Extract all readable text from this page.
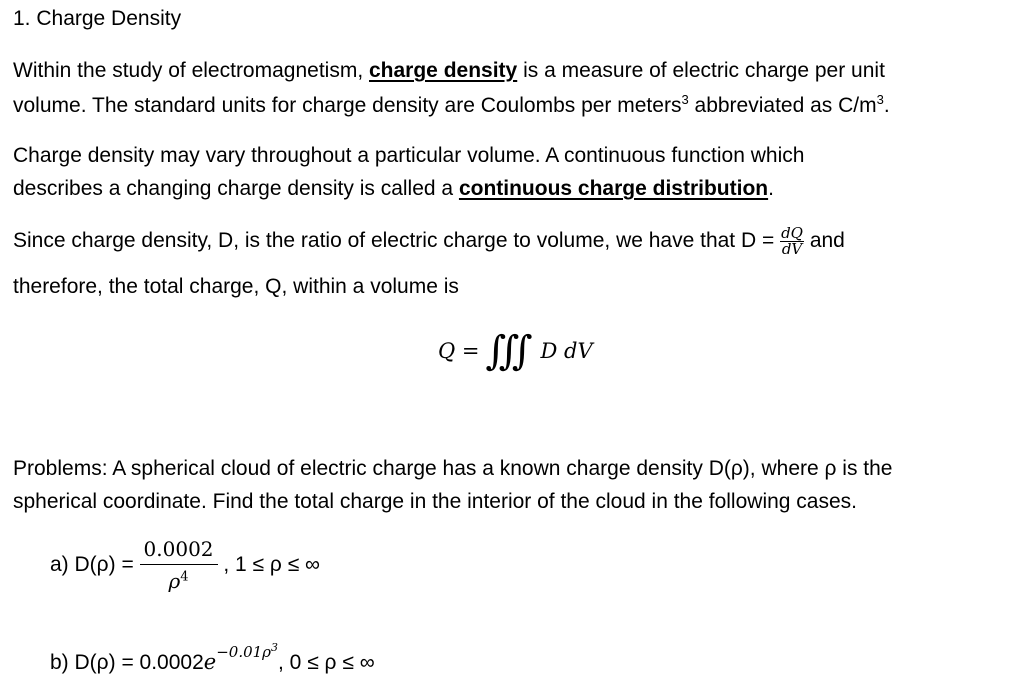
1. Charge Density
Within the study of electromagnetism, charge density is a measure of electric charge per unit
volume. The standard units for charge density are Coulombs per meters$^3$ abbreviated as $C/m^3$.
Charge density may vary throughout a particular volume. A continuous function which
describes a changing charge density is called a continuous charge distribution.
Since charge density, D, is the ratio of electric charge to volume, we have that $D = \frac{dQ}{dV}$ and
therefore, the total charge, Q, within a volume is
Q = ∭ D dV
Problems: A spherical cloud of electric charge has a known charge density D(ρ), where ρ is the
spherical coordinate. Find the total charge in the interior of the cloud in the following cases.
a) $D(\rho) = \frac{0.0002}{\rho^4}$ , 1 ≤ ρ ≤ ∞
b) $D(\rho) = 0.0002e^{-0.01\rho^3}$, 0 ≤ ρ ≤ ∞
